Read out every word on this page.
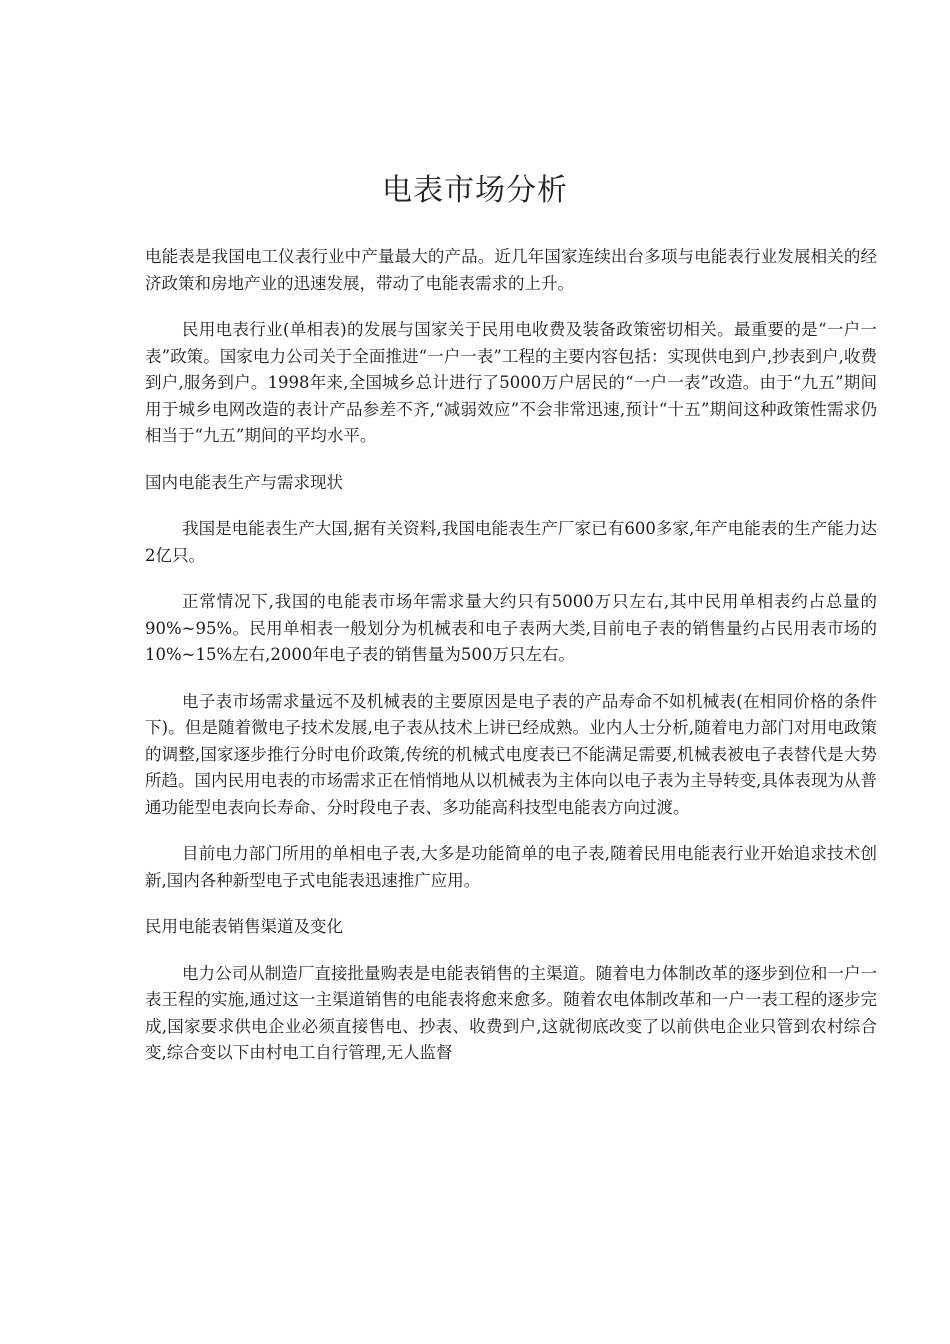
电表市场分析

电能表是我国电工仪表行业中产量最大的产品。近几年国家连续出台多项与电能表行业发展相关的经济政策和房地产业的迅速发展，带动了电能表需求的上升。

民用电表行业(单相表)的发展与国家关于民用电收费及装备政策密切相关。最重要的是“一户一表”政策。国家电力公司关于全面推进“一户一表”工程的主要内容包括：实现供电到户,抄表到户,收费到户,服务到户。1998年来,全国城乡总计进行了5000万户居民的“一户一表”改造。由于“九五”期间用于城乡电网改造的表计产品参差不齐,“减弱效应”不会非常迅速,预计“十五”期间这种政策性需求仍相当于“九五”期间的平均水平。

国内电能表生产与需求现状

我国是电能表生产大国,据有关资料,我国电能表生产厂家已有600多家,年产电能表的生产能力达2亿只。

正常情况下,我国的电能表市场年需求量大约只有5000万只左右,其中民用单相表约占总量的90%~95%。民用单相表一般划分为机械表和电子表两大类,目前电子表的销售量约占民用表市场的10%~15%左右,2000年电子表的销售量为500万只左右。

电子表市场需求量远不及机械表的主要原因是电子表的产品寿命不如机械表(在相同价格的条件下)。但是随着微电子技术发展,电子表从技术上讲已经成熟。业内人士分析,随着电力部门对用电政策的调整,国家逐步推行分时电价政策,传统的机械式电度表已不能满足需要,机械表被电子表替代是大势所趋。国内民用电表的市场需求正在悄悄地从以机械表为主体向以电子表为主导转变,具体表现为从普通功能型电表向长寿命、分时段电子表、多功能高科技型电能表方向过渡。

目前电力部门所用的单相电子表,大多是功能简单的电子表,随着民用电能表行业开始追求技术创新,国内各种新型电子式电能表迅速推广应用。

民用电能表销售渠道及变化

电力公司从制造厂直接批量购表是电能表销售的主渠道。随着电力体制改革的逐步到位和一户一表王程的实施,通过这一主渠道销售的电能表将愈来愈多。随着农电体制改革和一户一表工程的逐步完成,国家要求供电企业必须直接售电、抄表、收费到户,这就彻底改变了以前供电企业只管到农村综合变,综合变以下由村电工自行管理,无人监督
